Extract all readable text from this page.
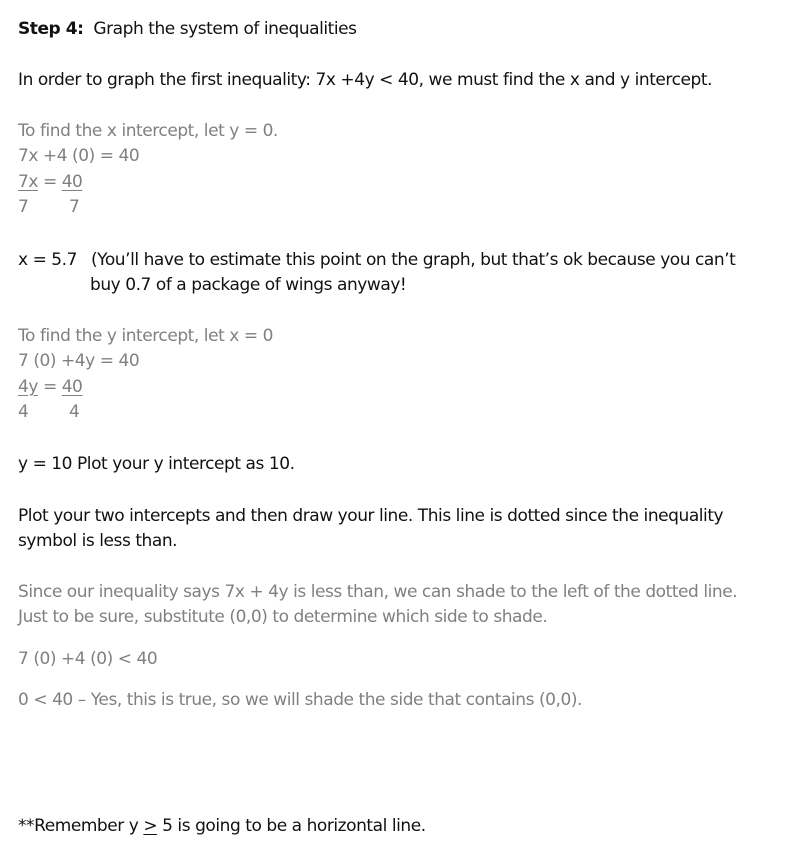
Step 4: Graph the system of inequalities
In order to graph the first inequality: 7x +4y < 40, we must find the x and y intercept.
To find the x intercept, let y = 0.
7x +4 (0) = 40
7x = 40
7 7
x = 5.7 (You’ll have to estimate this point on the graph, but that’s ok because you can’t
buy 0.7 of a package of wings anyway!
To find the y intercept, let x = 0
7 (0) +4y = 40
4y = 40
4 4
y = 10 Plot your y intercept as 10.
Plot your two intercepts and then draw your line. This line is dotted since the inequality
symbol is less than.
Since our inequality says 7x + 4y is less than, we can shade to the left of the dotted line.
Just to be sure, substitute (0,0) to determine which side to shade.
7 (0) +4 (0) < 40
0 < 40 – Yes, this is true, so we will shade the side that contains (0,0).
**Remember y ≥ 5 is going to be a horizontal line.
